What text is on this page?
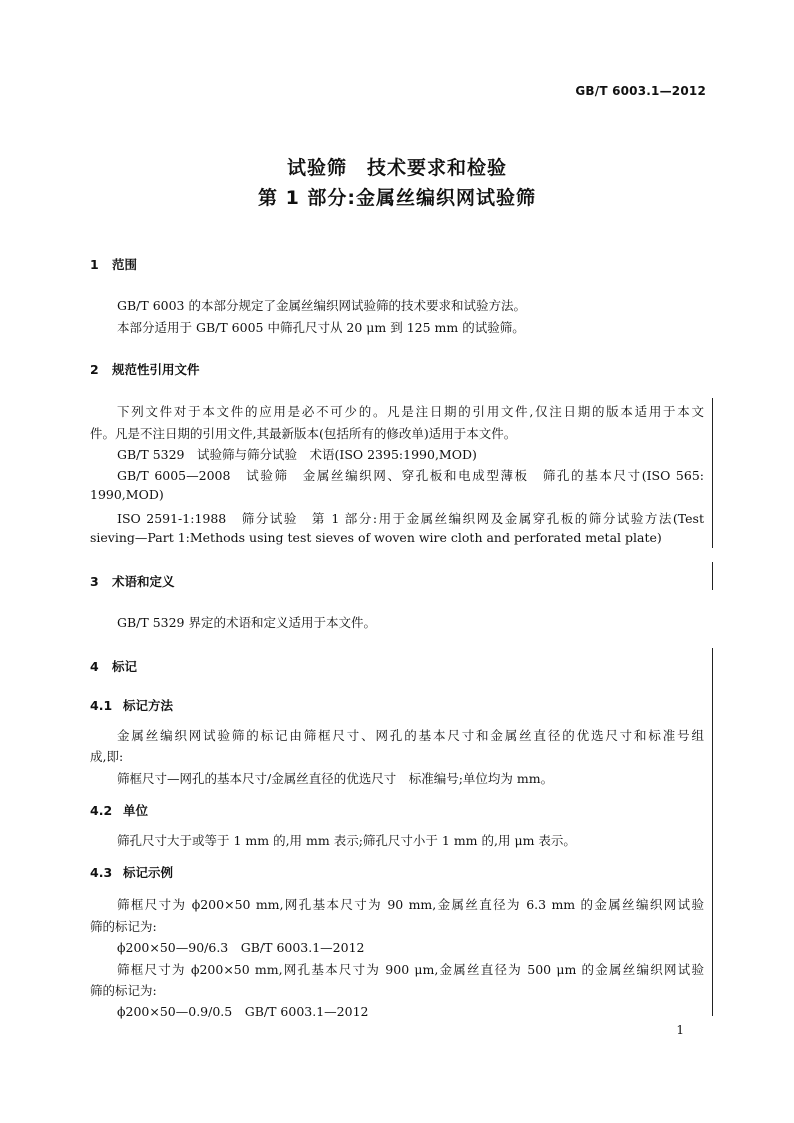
GB/T 6003.1—2012
试验筛　技术要求和检验
第 1 部分:金属丝编织网试验筛
1 范围
GB/T 6003 的本部分规定了金属丝编织网试验筛的技术要求和试验方法。
本部分适用于 GB/T 6005 中筛孔尺寸从 20 μm 到 125 mm 的试验筛。
2 规范性引用文件
下列文件对于本文件的应用是必不可少的。凡是注日期的引用文件,仅注日期的版本适用于本文
件。凡是不注日期的引用文件,其最新版本(包括所有的修改单)适用于本文件。
GB/T 5329　试验筛与筛分试验　术语(ISO 2395:1990,MOD)
GB/T 6005—2008　试验筛　金属丝编织网、穿孔板和电成型薄板　筛孔的基本尺寸(ISO 565:
1990,MOD)
ISO 2591-1:1988　筛分试验　第 1 部分:用于金属丝编织网及金属穿孔板的筛分试验方法(Test
sieving—Part 1:Methods using test sieves of woven wire cloth and perforated metal plate)
3 术语和定义
GB/T 5329 界定的术语和定义适用于本文件。
4 标记
4.1 标记方法
金属丝编织网试验筛的标记由筛框尺寸、网孔的基本尺寸和金属丝直径的优选尺寸和标准号组
成,即:
筛框尺寸—网孔的基本尺寸/金属丝直径的优选尺寸　标准编号;单位均为 mm。
4.2 单位
筛孔尺寸大于或等于 1 mm 的,用 mm 表示;筛孔尺寸小于 1 mm 的,用 μm 表示。
4.3 标记示例
筛框尺寸为 ϕ200×50 mm,网孔基本尺寸为 90 mm,金属丝直径为 6.3 mm 的金属丝编织网试验
筛的标记为:
ϕ200×50—90/6.3　GB/T 6003.1—2012
筛框尺寸为 ϕ200×50 mm,网孔基本尺寸为 900 μm,金属丝直径为 500 μm 的金属丝编织网试验
筛的标记为:
ϕ200×50—0.9/0.5　GB/T 6003.1—2012
1
